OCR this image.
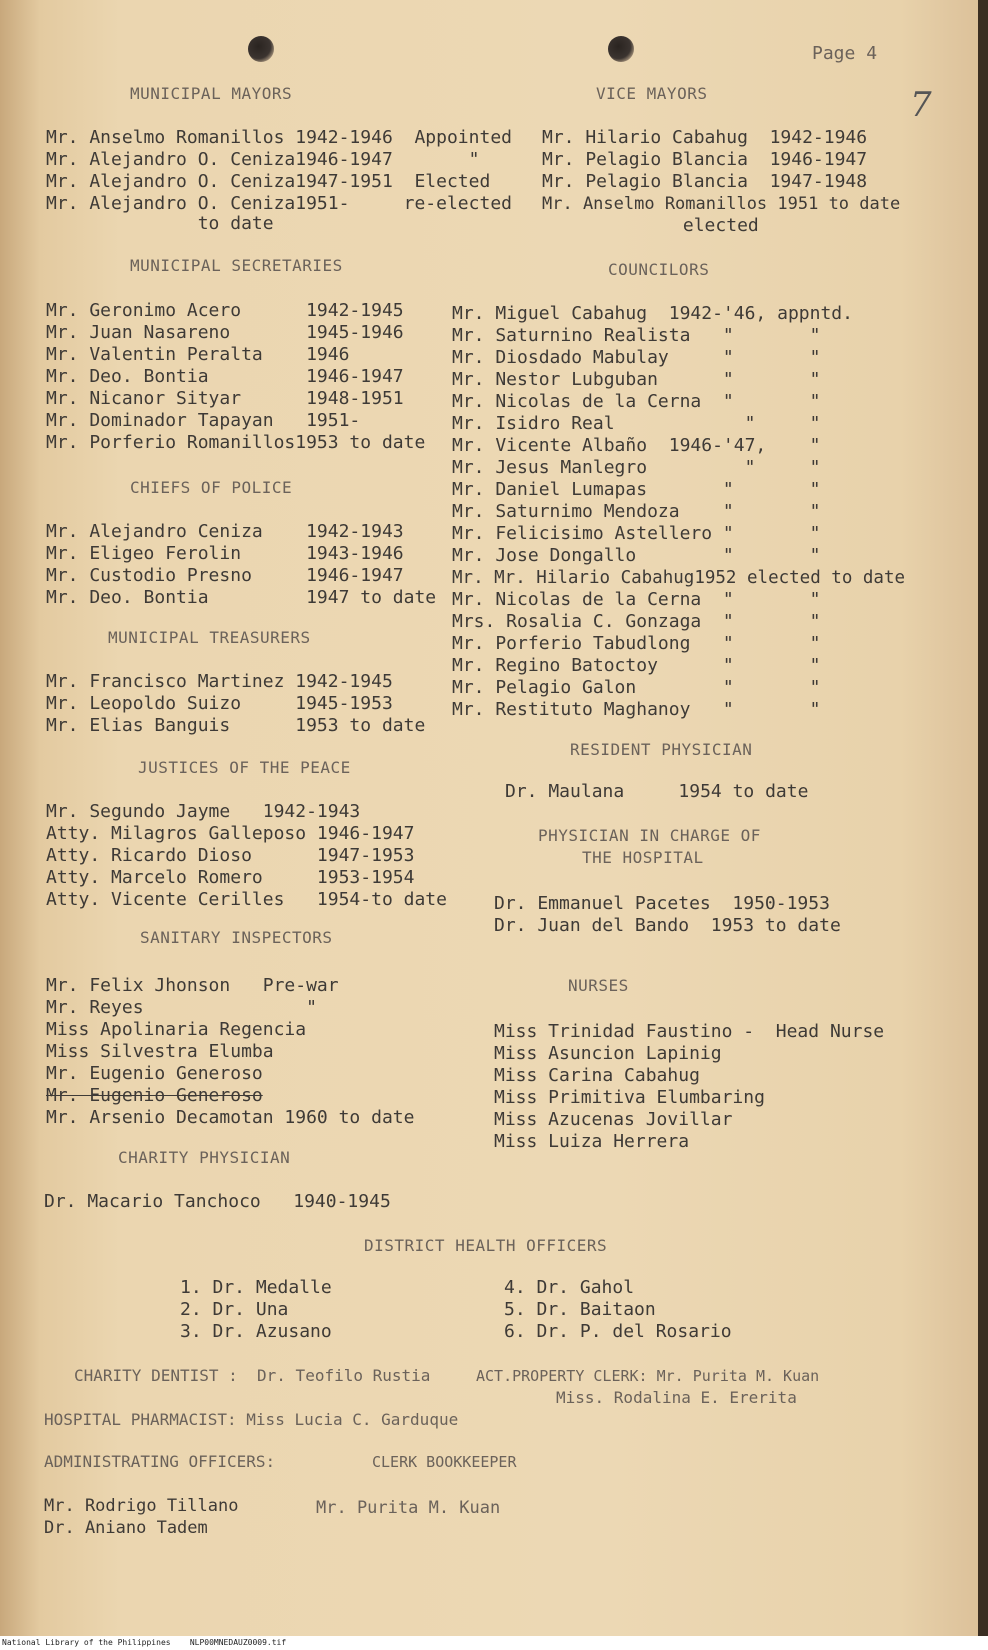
Page 4
7
MUNICIPAL MAYORS
Mr. Anselmo Romanillos 1942-1946  Appointed
Mr. Alejandro O. Ceniza1946-1947       "
Mr. Alejandro O. Ceniza1947-1951  Elected
Mr. Alejandro O. Ceniza1951-     re-elected
to date
VICE MAYORS
Mr. Hilario Cabahug  1942-1946
Mr. Pelagio Blancia  1946-1947
Mr. Pelagio Blancia  1947-1948
Mr. Anselmo Romanillos 1951 to date
elected
MUNICIPAL SECRETARIES
Mr. Geronimo Acero      1942-1945
Mr. Juan Nasareno       1945-1946
Mr. Valentin Peralta    1946
Mr. Deo. Bontia         1946-1947
Mr. Nicanor Sityar      1948-1951
Mr. Dominador Tapayan   1951-
Mr. Porferio Romanillos1953 to date
COUNCILORS
Mr. Miguel Cabahug  1942-'46, appntd.
Mr. Saturnino Realista   "       "
Mr. Diosdado Mabulay     "       "
Mr. Nestor Lubguban      "       "
Mr. Nicolas de la Cerna  "       "
Mr. Isidro Real            "     "
Mr. Vicente Albaño  1946-'47,    "
Mr. Jesus Manlegro         "     "
Mr. Daniel Lumapas       "       "
Mr. Saturnimo Mendoza    "       "
Mr. Felicisimo Astellero "       "
Mr. Jose Dongallo        "       "
Mr. Mr. Hilario Cabahug1952 elected to date
Mr. Nicolas de la Cerna  "       "
Mrs. Rosalia C. Gonzaga  "       "
Mr. Porferio Tabudlong   "       "
Mr. Regino Batoctoy      "       "
Mr. Pelagio Galon        "       "
Mr. Restituto Maghanoy   "       "
CHIEFS OF POLICE
Mr. Alejandro Ceniza    1942-1943
Mr. Eligeo Ferolin      1943-1946
Mr. Custodio Presno     1946-1947
Mr. Deo. Bontia         1947 to date
MUNICIPAL TREASURERS
Mr. Francisco Martinez 1942-1945
Mr. Leopoldo Suizo     1945-1953
Mr. Elias Banguis      1953 to date
RESIDENT PHYSICIAN
Dr. Maulana     1954 to date
JUSTICES OF THE PEACE
Mr. Segundo Jayme   1942-1943
Atty. Milagros Galleposo 1946-1947
Atty. Ricardo Dioso      1947-1953
Atty. Marcelo Romero     1953-1954
Atty. Vicente Cerilles   1954-to date
PHYSICIAN IN CHARGE OF
THE HOSPITAL
Dr. Emmanuel Pacetes  1950-1953
Dr. Juan del Bando  1953 to date
SANITARY INSPECTORS
Mr. Felix Jhonson   Pre-war
Mr. Reyes               "
Miss Apolinaria Regencia
Miss Silvestra Elumba
Mr. Eugenio Generoso
Mr. Eugenio Generoso
Mr. Arsenio Decamotan 1960 to date
NURSES
Miss Trinidad Faustino -  Head Nurse
Miss Asuncion Lapinig
Miss Carina Cabahug
Miss Primitiva Elumbaring
Miss Azucenas Jovillar
Miss Luiza Herrera
CHARITY PHYSICIAN
Dr. Macario Tanchoco   1940-1945
DISTRICT HEALTH OFFICERS
1. Dr. Medalle
2. Dr. Una
3. Dr. Azusano
4. Dr. Gahol
5. Dr. Baitaon
6. Dr. P. del Rosario
CHARITY DENTIST :  Dr. Teofilo Rustia	ACT.PROPERTY CLERK: Mr. Purita M. Kuan
Miss. Rodalina E. Ererita
HOSPITAL PHARMACIST: Miss Lucia C. Garduque
ADMINISTRATING OFFICERS:	CLERK BOOKKEEPER
Mr. Rodrigo Tillano
Dr. Aniano Tadem
Mr. Purita M. Kuan
National Library of the Philippines    NLP00MNEDAUZ0009.tif
